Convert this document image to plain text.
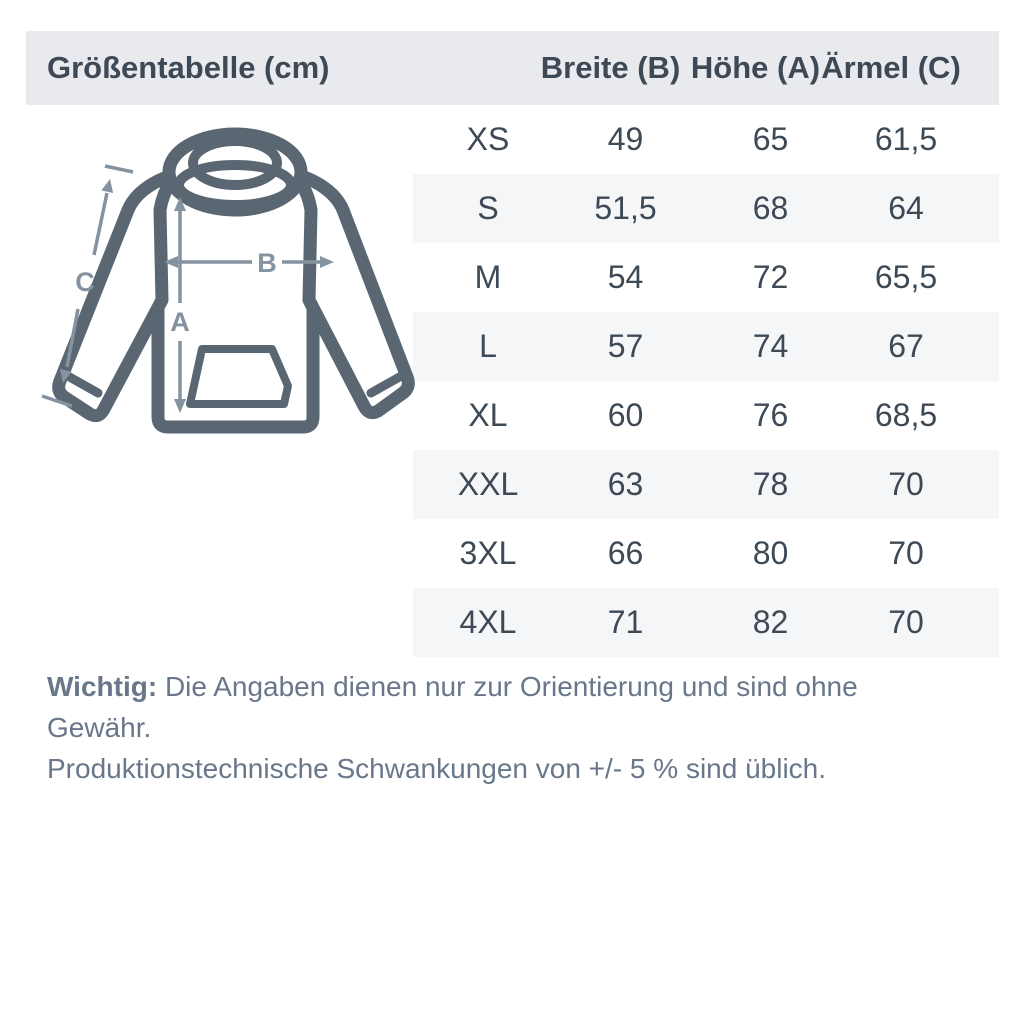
Größentabelle (cm)	Breite (B) Höhe (A) Ärmel (C)
XS	49	65	61,5
S	51,5	68	64
M	54	72	65,5
L	57	74	67
XL	60	76	68,5
XXL	63	78	70
3XL	66	80	70
4XL	71	82	70
A
B
C
Wichtig: Die Angaben dienen nur zur Orientierung und sind ohne Gewähr.
Produktionstechnische Schwankungen von +/- 5 % sind üblich.
